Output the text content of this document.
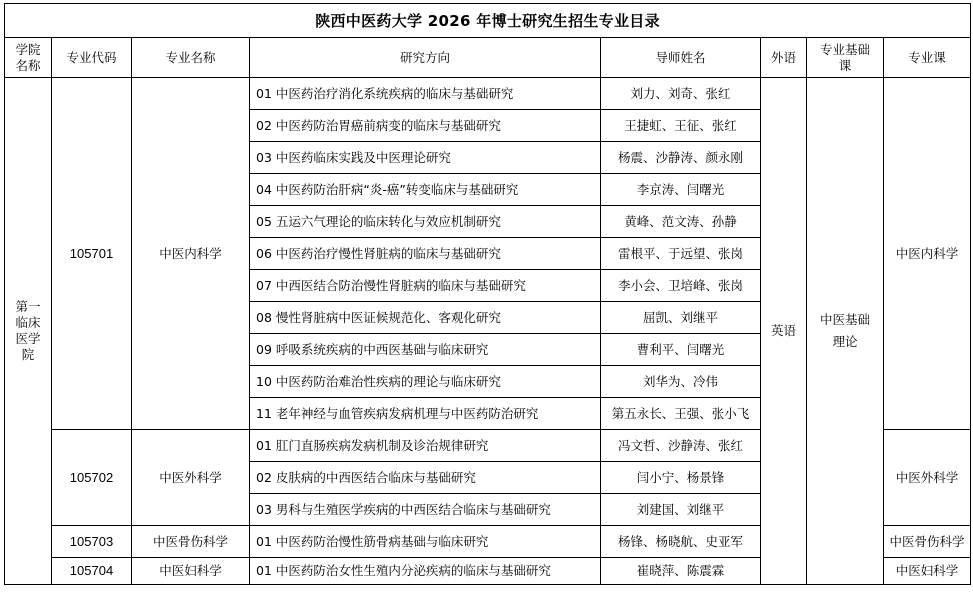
陕西中医药大学 2026 年博士研究生招生专业目录							
学院名称	专业代码	专业名称	研究方向	导师姓名	外语	专业基础课	专业课
第一临床医学院	105701	中医内科学	01 中医药治疗消化系统疾病的临床与基础研究	刘力、刘奇、张红	英语	中医基础理论	中医内科学
			02 中医药防治胃癌前病变的临床与基础研究	王捷虹、王征、张红			
			03 中医药临床实践及中医理论研究	杨震、沙静涛、颜永刚			
			04 中医药防治肝病“炎-癌”转变临床与基础研究	李京涛、闫曙光			
			05 五运六气理论的临床转化与效应机制研究	黄峰、范文涛、孙静			
			06 中医药治疗慢性肾脏病的临床与基础研究	雷根平、于远望、张岗			
			07 中西医结合防治慢性肾脏病的临床与基础研究	李小会、卫培峰、张岗			
			08 慢性肾脏病中医证候规范化、客观化研究	屈凯、刘继平			
			09 呼吸系统疾病的中西医基础与临床研究	曹利平、闫曙光			
			10 中医药防治难治性疾病的理论与临床研究	刘华为、冷伟			
			11 老年神经与血管疾病发病机理与中医药防治研究	第五永长、王强、张小飞			
	105702	中医外科学	01 肛门直肠疾病发病机制及诊治规律研究	冯文哲、沙静涛、张红			中医外科学
			02 皮肤病的中西医结合临床与基础研究	闫小宁、杨景锋			
			03 男科与生殖医学疾病的中西医结合临床与基础研究	刘建国、刘继平			
	105703	中医骨伤科学	01 中医药防治慢性筋骨病基础与临床研究	杨锋、杨晓航、史亚军			中医骨伤科学
	105704	中医妇科学	01 中医药防治女性生殖内分泌疾病的临床与基础研究	崔晓萍、陈震霖			中医妇科学
